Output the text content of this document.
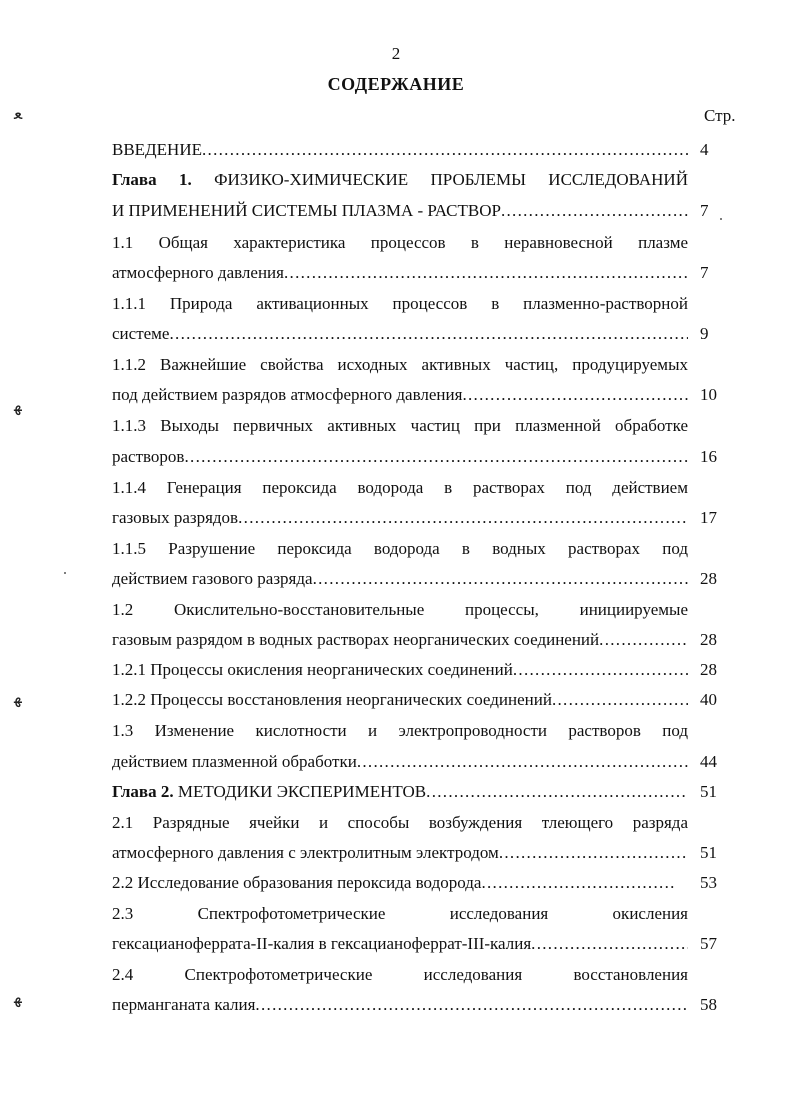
2
СОДЕРЖАНИЕ
Стр.
ﻌ
ﻬ
ﻬ
ﻬ
ВВЕДЕНИЕ .....	4
Глава 1. ФИЗИКО-ХИМИЧЕСКИЕ ПРОБЛЕМЫ ИССЛЕДОВАНИЙ
И ПРИМЕНЕНИЙ СИСТЕМЫ ПЛАЗМА - РАСТВОР .....	7
1.1 Общая характеристика процессов в неравновесной плазме
атмосферного давления .....	7
1.1.1 Природа активационных процессов в плазменно-растворной
системе .....	9
1.1.2 Важнейшие свойства исходных активных частиц, продуцируемых
под действием разрядов атмосферного давления .....	10
1.1.3 Выходы первичных активных частиц при плазменной обработке
растворов .....	16
1.1.4 Генерация пероксида водорода в растворах под действием
газовых разрядов .....	17
1.1.5 Разрушение пероксида водорода в водных растворах под
действием газового разряда .....	28
1.2 Окислительно-восстановительные процессы, инициируемые
газовым разрядом в водных растворах неорганических соединений .....	28
1.2.1 Процессы окисления неорганических соединений .....	28
1.2.2 Процессы восстановления неорганических соединений .....	40
1.3 Изменение кислотности и электропроводности растворов под
действием плазменной обработки .....	44
Глава 2. МЕТОДИКИ ЭКСПЕРИМЕНТОВ .....	51
2.1 Разрядные ячейки и способы возбуждения тлеющего разряда
атмосферного давления с электролитным электродом .....	51
2.2 Исследование образования пероксида водорода .....	53
2.3 Спектрофотометрические исследования окисления
гексацианоферрата-II-калия в гексацианоферрат-III-калия .....	57
2.4 Спектрофотометрические исследования восстановления
перманганата калия .....	58
